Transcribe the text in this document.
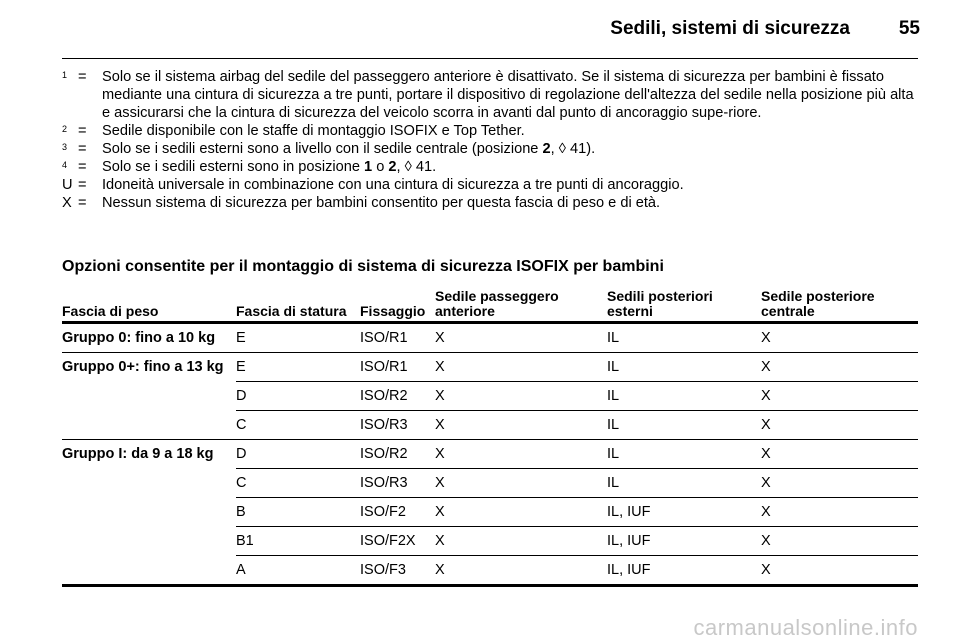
Sedili, sistemi di sicurezza	55
$^1$ =	Solo se il sistema airbag del sedile del passeggero anteriore è disattivato. Se il sistema di sicurezza per bambini è fissato mediante una cintura di sicurezza a tre punti, portare il dispositivo di regolazione dell'altezza del sedile nella posizione più alta e assicurarsi che la cintura di sicurezza del veicolo scorra in avanti dal punto di ancoraggio supe-riore.
$^2$ =	Sedile disponibile con le staffe di montaggio ISOFIX e Top Tether.
$^3$ =	Solo se i sedili esterni sono a livello con il sedile centrale (posizione 2, ◊ 41).
$^4$ =	Solo se i sedili esterni sono in posizione 1 o 2, ◊ 41.
U =	Idoneità universale in combinazione con una cintura di sicurezza a tre punti di ancoraggio.
X =	Nessun sistema di sicurezza per bambini consentito per questa fascia di peso e di età.
Opzioni consentite per il montaggio di sistema di sicurezza ISOFIX per bambini
Fascia di peso	Fascia di statura	Fissaggio	Sedile passeggero anteriore	Sedili posteriori esterni	Sedile posteriore centrale
Gruppo 0: fino a 10 kg	E	ISO/R1	X	IL	X
Gruppo 0+: fino a 13 kg	E	ISO/R1	X	IL	X
	D	ISO/R2	X	IL	X
	C	ISO/R3	X	IL	X
Gruppo I: da 9 a 18 kg	D	ISO/R2	X	IL	X
	C	ISO/R3	X	IL	X
	B	ISO/F2	X	IL, IUF	X
	B1	ISO/F2X	X	IL, IUF	X
	A	ISO/F3	X	IL, IUF	X
carmanualsonline.info
